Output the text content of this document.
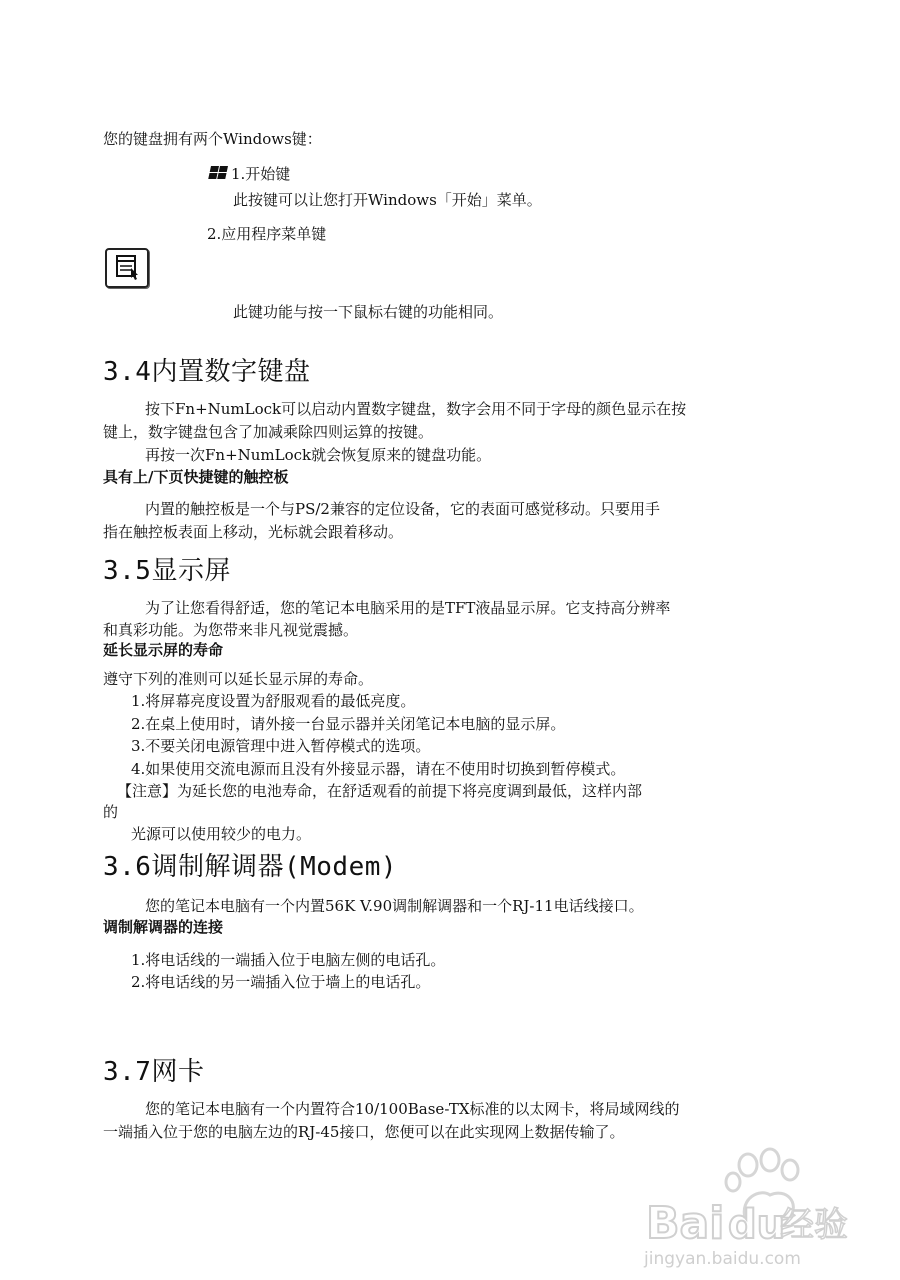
您的键盘拥有两个Windows键：
1.开始键
此按键可以让您打开Windows「开始」菜单。
2.应用程序菜单键
此键功能与按一下鼠标右键的功能相同。
3.4内置数字键盘
按下Fn+NumLock可以启动内置数字键盘，数字会用不同于字母的颜色显示在按
键上，数字键盘包含了加减乘除四则运算的按键。
再按一次Fn+NumLock就会恢复原来的键盘功能。
具有上/下页快捷键的触控板
内置的触控板是一个与PS/2兼容的定位设备，它的表面可感觉移动。只要用手
指在触控板表面上移动，光标就会跟着移动。
3.5显示屏
为了让您看得舒适，您的笔记本电脑采用的是TFT液晶显示屏。它支持高分辨率
和真彩功能。为您带来非凡视觉震撼。
延长显示屏的寿命
遵守下列的准则可以延长显示屏的寿命。
1.将屏幕亮度设置为舒服观看的最低亮度。
2.在桌上使用时，请外接一台显示器并关闭笔记本电脑的显示屏。
3.不要关闭电源管理中进入暂停模式的选项。
4.如果使用交流电源而且没有外接显示器，请在不使用时切换到暂停模式。
【注意】为延长您的电池寿命，在舒适观看的前提下将亮度调到最低，这样内部
的
光源可以使用较少的电力。
3.6调制解调器(Modem)
您的笔记本电脑有一个内置56K V.90调制解调器和一个RJ-11电话线接口。
调制解调器的连接
1.将电话线的一端插入位于电脑左侧的电话孔。
2.将电话线的另一端插入位于墙上的电话孔。
3.7网卡
您的笔记本电脑有一个内置符合10/100Base-TX标准的以太网卡，将局域网线的
一端插入位于您的电脑左边的RJ-45接口，您便可以在此实现网上数据传输了。
Bai du
经验
jingyan.baidu.com
